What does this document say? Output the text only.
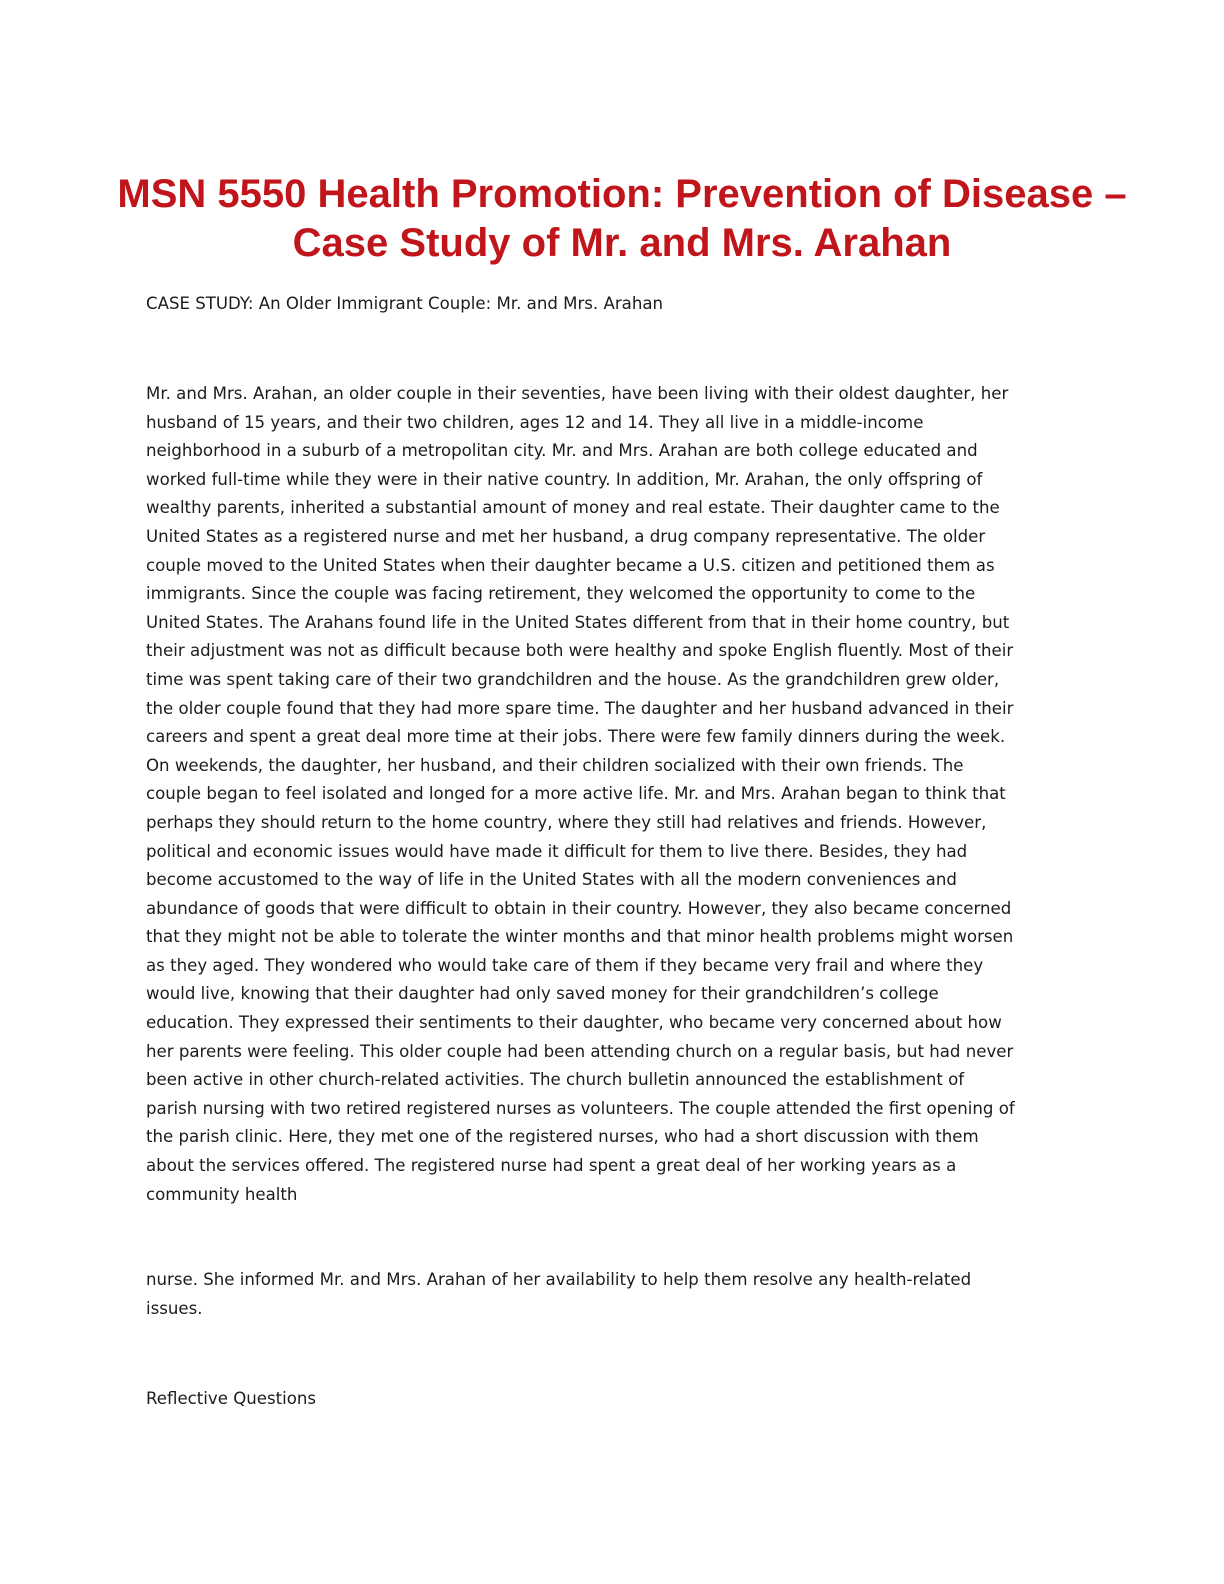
MSN 5550 Health Promotion: Prevention of Disease –
Case Study of Mr. and Mrs. Arahan

CASE STUDY: An Older Immigrant Couple: Mr. and Mrs. Arahan

Mr. and Mrs. Arahan, an older couple in their seventies, have been living with their oldest daughter, her
husband of 15 years, and their two children, ages 12 and 14. They all live in a middle-income
neighborhood in a suburb of a metropolitan city. Mr. and Mrs. Arahan are both college educated and
worked full-time while they were in their native country. In addition, Mr. Arahan, the only offspring of
wealthy parents, inherited a substantial amount of money and real estate. Their daughter came to the
United States as a registered nurse and met her husband, a drug company representative. The older
couple moved to the United States when their daughter became a U.S. citizen and petitioned them as
immigrants. Since the couple was facing retirement, they welcomed the opportunity to come to the
United States. The Arahans found life in the United States different from that in their home country, but
their adjustment was not as difficult because both were healthy and spoke English fluently. Most of their
time was spent taking care of their two grandchildren and the house. As the grandchildren grew older,
the older couple found that they had more spare time. The daughter and her husband advanced in their
careers and spent a great deal more time at their jobs. There were few family dinners during the week.
On weekends, the daughter, her husband, and their children socialized with their own friends. The
couple began to feel isolated and longed for a more active life. Mr. and Mrs. Arahan began to think that
perhaps they should return to the home country, where they still had relatives and friends. However,
political and economic issues would have made it difficult for them to live there. Besides, they had
become accustomed to the way of life in the United States with all the modern conveniences and
abundance of goods that were difficult to obtain in their country. However, they also became concerned
that they might not be able to tolerate the winter months and that minor health problems might worsen
as they aged. They wondered who would take care of them if they became very frail and where they
would live, knowing that their daughter had only saved money for their grandchildren’s college
education. They expressed their sentiments to their daughter, who became very concerned about how
her parents were feeling. This older couple had been attending church on a regular basis, but had never
been active in other church-related activities. The church bulletin announced the establishment of
parish nursing with two retired registered nurses as volunteers. The couple attended the first opening of
the parish clinic. Here, they met one of the registered nurses, who had a short discussion with them
about the services offered. The registered nurse had spent a great deal of her working years as a
community health

nurse. She informed Mr. and Mrs. Arahan of her availability to help them resolve any health-related
issues.

Reflective Questions
